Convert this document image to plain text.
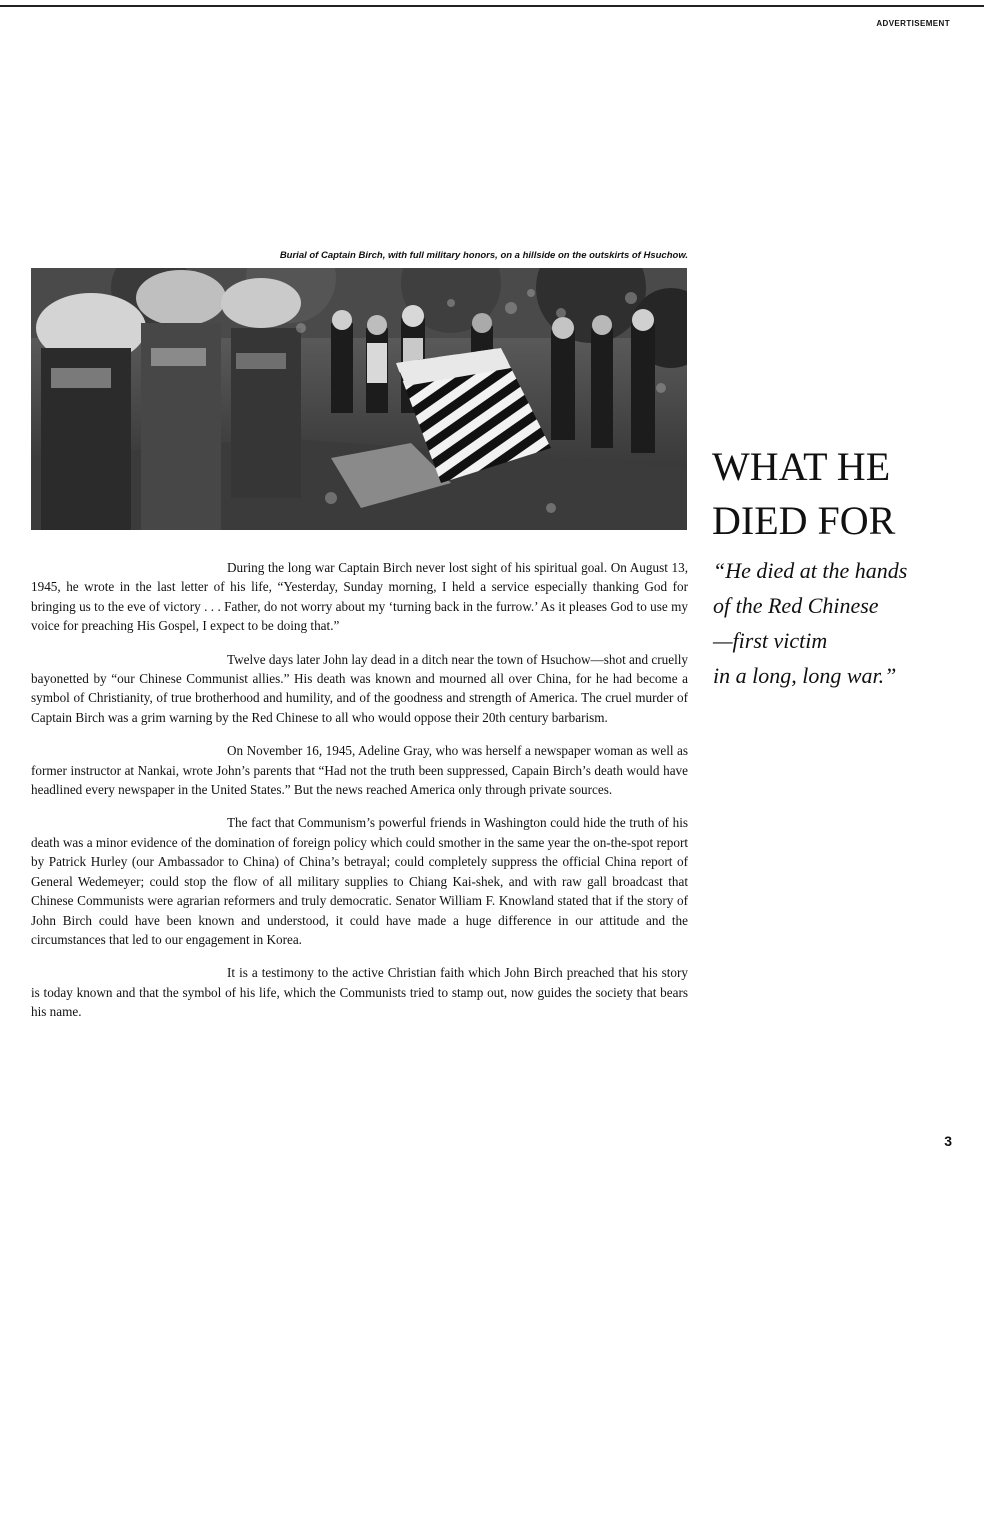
ADVERTISEMENT
Burial of Captain Birch, with full military honors, on a hillside on the outskirts of Hsuchow.
WHAT HE
DIED FOR
“He died at the hands
of the Red Chinese
—first victim
in a long, long war.”

During the long war Captain Birch never lost sight of his spiritual goal. On August 13, 1945, he wrote in the last letter of his life, “Yesterday, Sunday morning, I held a service especially thanking God for bringing us to the eve of victory . . . Father, do not worry about my ‘turning back in the furrow.’ As it pleases God to use my voice for preaching His Gospel, I expect to be doing that.”

Twelve days later John lay dead in a ditch near the town of Hsuchow—shot and cruelly bayonetted by “our Chinese Communist allies.” His death was known and mourned all over China, for he had become a symbol of Christianity, of true brotherhood and humility, and of the goodness and strength of America. The cruel murder of Captain Birch was a grim warning by the Red Chinese to all who would oppose their 20th century barbarism.

On November 16, 1945, Adeline Gray, who was herself a newspaper woman as well as former instructor at Nankai, wrote John’s parents that “Had not the truth been suppressed, Capain Birch’s death would have headlined every newspaper in the United States.” But the news reached America only through private sources.

The fact that Communism’s powerful friends in Washington could hide the truth of his death was a minor evidence of the domination of foreign policy which could smother in the same year the on-the-spot report by Patrick Hurley (our Ambassador to China) of China’s betrayal; could completely suppress the official China report of General Wedemeyer; could stop the flow of all military supplies to Chiang Kai-shek, and with raw gall broadcast that Chinese Communists were agrarian reformers and truly democratic. Senator William F. Knowland stated that if the story of John Birch could have been known and understood, it could have made a huge difference in our attitude and the circumstances that led to our engagement in Korea.

It is a testimony to the active Christian faith which John Birch preached that his story is today known and that the symbol of his life, which the Communists tried to stamp out, now guides the society that bears his name.

3
